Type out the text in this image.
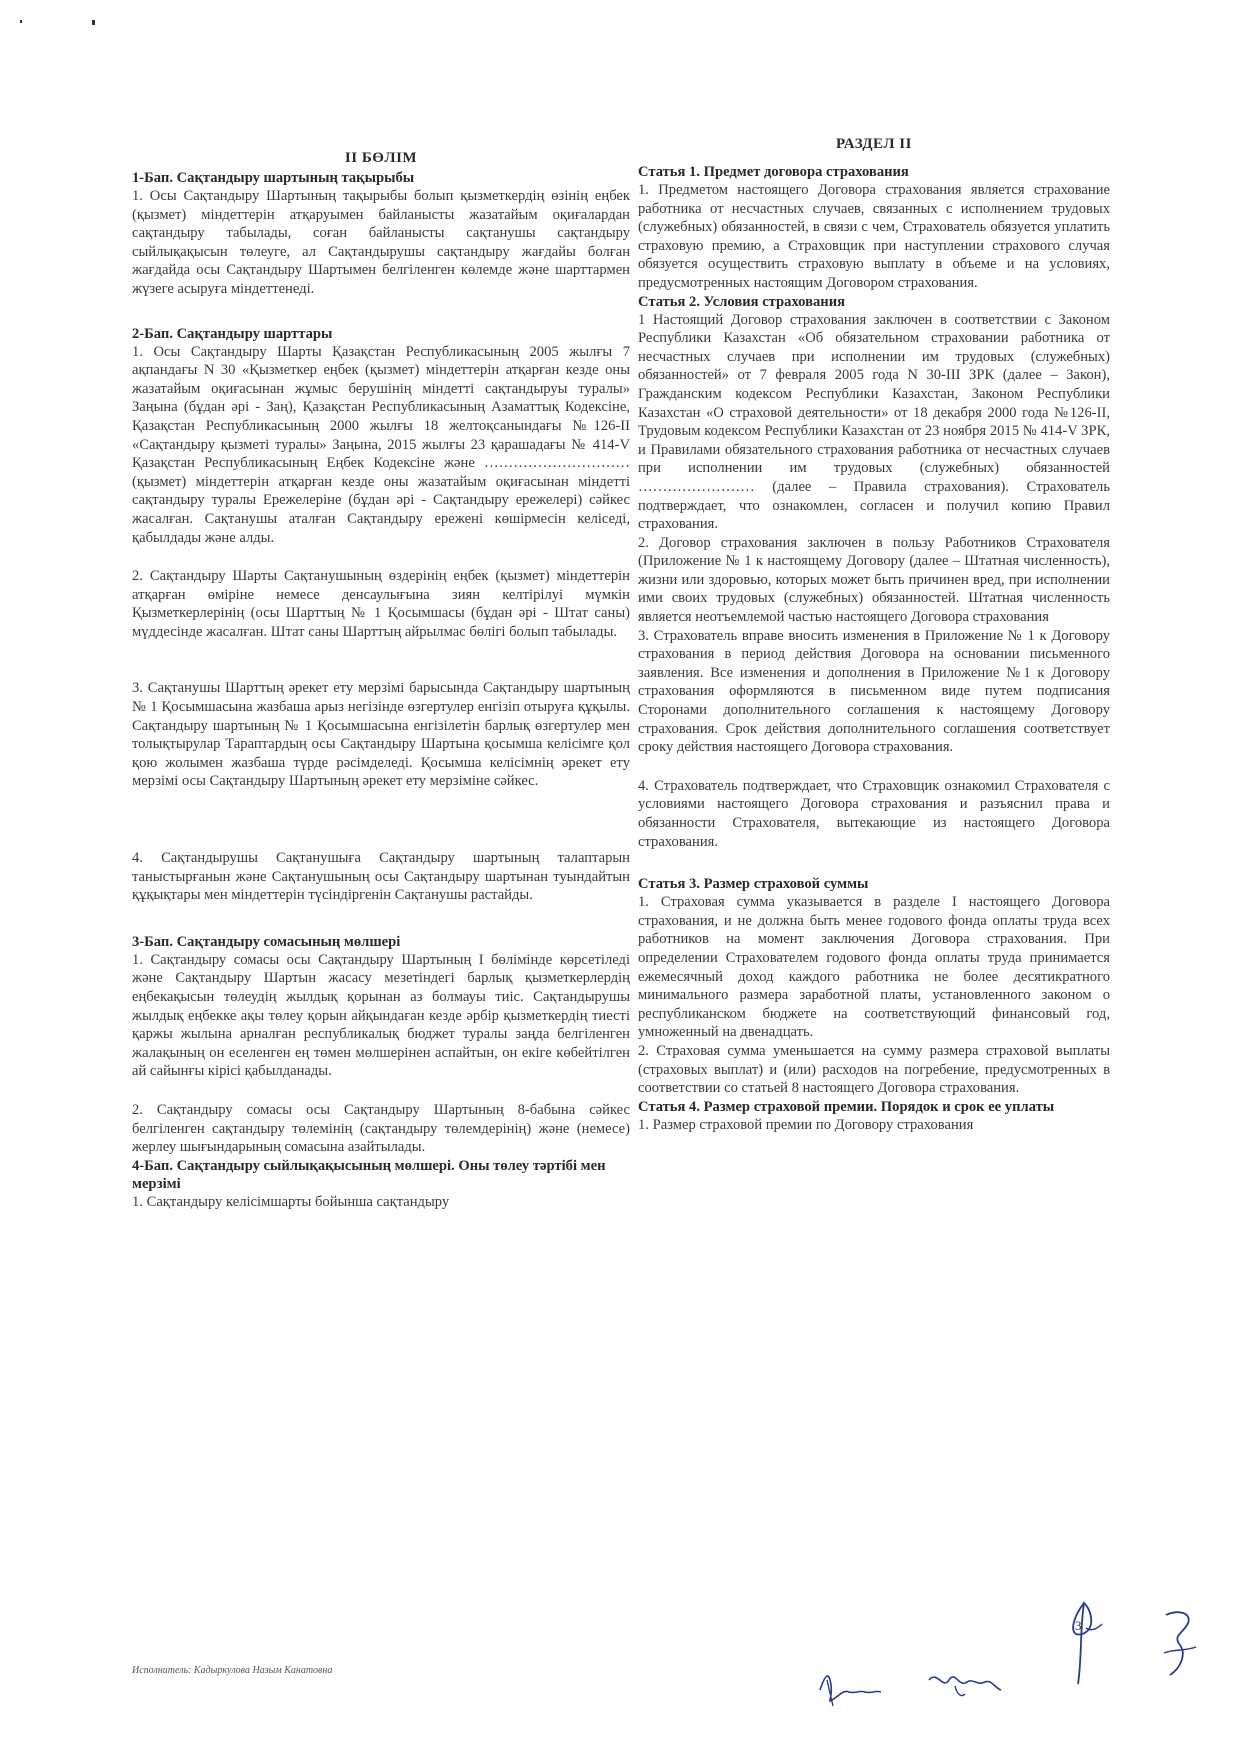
II БӨЛІМ
1-Бап. Сақтандыру шартының тақырыбы
1. Осы Сақтандыру Шартының тақырыбы болып қызметкердің өзінің еңбек (қызмет) міндеттерін атқаруымен байланысты жазатайым оқиғалардан сақтандыру табылады, соған байланысты сақтанушы сақтандыру сыйлықақысын төлеуге, ал Сақтандырушы сақтандыру жағдайы болған жағдайда осы Сақтандыру Шартымен белгіленген көлемде және шарттармен жүзеге асыруға міндеттенеді.
2-Бап. Сақтандыру шарттары
1. Осы Сақтандыру Шарты Қазақстан Республикасының 2005 жылғы 7 ақпандағы N 30 «Қызметкер еңбек (қызмет) міндеттерін атқарған кезде оны жазатайым оқиғасынан жұмыс берушінің міндетті сақтандыруы туралы» Заңына (бұдан әрі - Заң), Қазақстан Республикасының Азаматтық Кодексіне, Қазақстан Республикасының 2000 жылғы 18 желтоқсанындағы №126-II «Сақтандыру қызметі туралы» Заңына, 2015 жылғы 23 қарашадағы № 414-V Қазақстан Республикасының Еңбек Кодексіне және …………………………(қызмет) міндеттерін атқарған кезде оны жазатайым оқиғасынан міндетті сақтандыру туралы Ережелеріне (бұдан әрі - Сақтандыру ережелері) сәйкес жасалған. Сақтанушы аталған Сақтандыру ережені көшірмесін келіседі, қабылдады және алды.
2. Сақтандыру Шарты Сақтанушының өздерінің еңбек (қызмет) міндеттерін атқарған өміріне немесе денсаулығына зиян келтірілуі мүмкін Қызметкерлерінің (осы Шарттың № 1 Қосымшасы (бұдан әрі - Штат саны) мүддесінде жасалған. Штат саны Шарттың айрылмас бөлігі болып табылады.
3. Сақтанушы Шарттың әрекет ету мерзімі барысында Сақтандыру шартының № 1 Қосымшасына жазбаша арыз негізінде өзгертулер енгізіп отыруға құқылы. Сақтандыру шартының № 1 Қосымшасына енгізілетін барлық өзгертулер мен толықтырулар Тараптардың осы Сақтандыру Шартына қосымша келісімге қол қою жолымен жазбаша түрде рәсімделеді. Қосымша келісімнің әрекет ету мерзімі осы Сақтандыру Шартының әрекет ету мерзіміне сәйкес.
4. Сақтандырушы Сақтанушыға Сақтандыру шартының талаптарын таныстырғанын және Сақтанушының осы Сақтандыру шартынан туындайтын құқықтары мен міндеттерін түсіндіргенін Сақтанушы растайды.
3-Бап. Сақтандыру сомасының мөлшері
1. Сақтандыру сомасы осы Сақтандыру Шартының I бөлімінде көрсетіледі және Сақтандыру Шартын жасасу мезетіндегі барлық қызметкерлердің еңбекақысын төлеудің жылдық қорынан аз болмауы тиіс. Сақтандырушы жылдық еңбекке ақы төлеу қорын айқындаған кезде әрбір қызметкердің тиесті қаржы жылына арналған республикалық бюджет туралы заңда белгіленген жалақының он еселенген ең төмен мөлшерінен аспайтын, он екіге көбейтілген ай сайынғы кірісі қабылданады.
2. Сақтандыру сомасы осы Сақтандыру Шартының 8-бабына сәйкес белгіленген сақтандыру төлемінің (сақтандыру төлемдерінің) және (немесе) жерлеу шығындарының сомасына азайтылады.
4-Бап. Сақтандыру сыйлықақысының мөлшері. Оны төлеу тәртібі мен мерзімі
1. Сақтандыру келісімшарты бойынша сақтандыру
РАЗДЕЛ II
Статья 1. Предмет договора страхования
1. Предметом настоящего Договора страхования является страхование работника от несчастных случаев, связанных с исполнением трудовых (служебных) обязанностей, в связи с чем, Страхователь обязуется уплатить страховую премию, а Страховщик при наступлении страхового случая обязуется осуществить страховую выплату в объеме и на условиях, предусмотренных настоящим Договором страхования.
Статья 2. Условия страхования
1 Настоящий Договор страхования заключен в соответствии с Законом Республики Казахстан «Об обязательном страховании работника от несчастных случаев при исполнении им трудовых (служебных) обязанностей» от 7 февраля 2005 года N 30-III ЗРК (далее – Закон), Гражданским кодексом Республики Казахстан, Законом Республики Казахстан «О страховой деятельности» от 18 декабря 2000 года №126-II, Трудовым кодексом Республики Казахстан от 23 ноября 2015 № 414-V ЗРК, и Правилами обязательного страхования работника от несчастных случаев при исполнении им трудовых (служебных) обязанностей …………………… (далее – Правила страхования). Страхователь подтверждает, что ознакомлен, согласен и получил копию Правил страхования.
2. Договор страхования заключен в пользу Работников Страхователя (Приложение № 1 к настоящему Договору (далее – Штатная численность), жизни или здоровью, которых может быть причинен вред, при исполнении ими своих трудовых (служебных) обязанностей. Штатная численность является неотъемлемой частью настоящего Договора страхования
3. Страхователь вправе вносить изменения в Приложение № 1 к Договору страхования в период действия Договора на основании письменного заявления. Все изменения и дополнения в Приложение №1 к Договору страхования оформляются в письменном виде путем подписания Сторонами дополнительного соглашения к настоящему Договору страхования. Срок действия дополнительного соглашения соответствует сроку действия настоящего Договора страхования.
4. Страхователь подтверждает, что Страховщик ознакомил Страхователя с условиями настоящего Договора страхования и разъяснил права и обязанности Страхователя, вытекающие из настоящего Договора страхования.
Статья 3. Размер страховой суммы
1. Страховая сумма указывается в разделе I настоящего Договора страхования, и не должна быть менее годового фонда оплаты труда всех работников на момент заключения Договора страхования. При определении Страхователем годового фонда оплаты труда принимается ежемесячный доход каждого работника не более десятикратного минимального размера заработной платы, установленного законом о республиканском бюджете на соответствующий финансовый год, умноженный на двенадцать.
2. Страховая сумма уменьшается на сумму размера страховой выплаты (страховых выплат) и (или) расходов на погребение, предусмотренных в соответствии со статьей 8 настоящего Договора страхования.
Статья 4. Размер страховой премии. Порядок и срок ее уплаты
1. Размер страховой премии по Договору страхования
Исполнитель: Кадыркулова Назым Канатовна
3
